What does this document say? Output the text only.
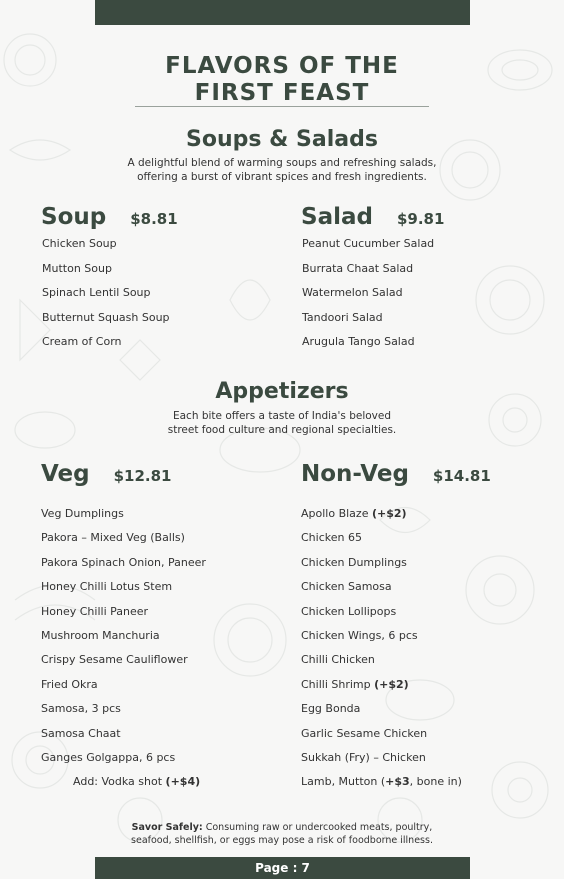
FLAVORS OF THE
FIRST FEAST
Soups & Salads
A delightful blend of warming soups and refreshing salads,
offering a burst of vibrant spices and fresh ingredients.
Soup $8.81
Chicken Soup
Mutton Soup
Spinach Lentil Soup
Butternut Squash Soup
Cream of Corn
Salad $9.81
Peanut Cucumber Salad
Burrata Chaat Salad
Watermelon Salad
Tandoori Salad
Arugula Tango Salad
Appetizers
Each bite offers a taste of India's beloved
street food culture and regional specialties.
Veg $12.81
Veg Dumplings
Pakora – Mixed Veg (Balls)
Pakora Spinach Onion, Paneer
Honey Chilli Lotus Stem
Honey Chilli Paneer
Mushroom Manchuria
Crispy Sesame Cauliflower
Fried Okra
Samosa, 3 pcs
Samosa Chaat
Ganges Golgappa, 6 pcs
Add: Vodka shot (+$4)
Non-Veg $14.81
Apollo Blaze (+$2)
Chicken 65
Chicken Dumplings
Chicken Samosa
Chicken Lollipops
Chicken Wings, 6 pcs
Chilli Chicken
Chilli Shrimp (+$2)
Egg Bonda
Garlic Sesame Chicken
Sukkah (Fry) – Chicken
Lamb, Mutton (+$3, bone in)
Savor Safely: Consuming raw or undercooked meats, poultry,
seafood, shellfish, or eggs may pose a risk of foodborne illness.
Page : 7
